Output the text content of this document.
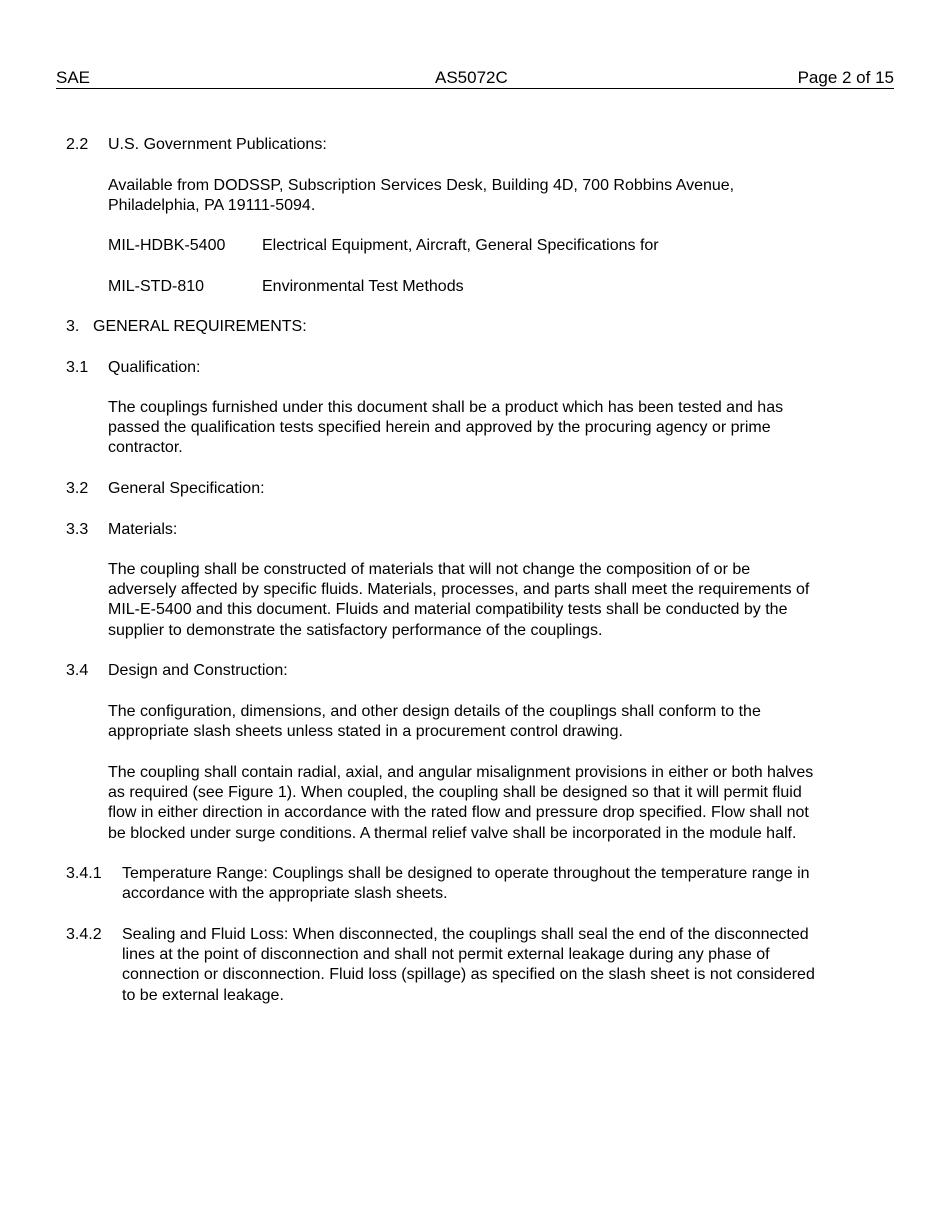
SAE	AS5072C	Page 2 of 15
2.2 U.S. Government Publications:
Available from DODSSP, Subscription Services Desk, Building 4D, 700 Robbins Avenue,
Philadelphia, PA 19111-5094.
MIL-HDBK-5400 Electrical Equipment, Aircraft, General Specifications for
MIL-STD-810	Environmental Test Methods
3. GENERAL REQUIREMENTS:
3.1 Qualification:
The couplings furnished under this document shall be a product which has been tested and has
passed the qualification tests specified herein and approved by the procuring agency or prime
contractor.
3.2 General Specification:
3.3 Materials:
The coupling shall be constructed of materials that will not change the composition of or be
adversely affected by specific fluids. Materials, processes, and parts shall meet the requirements of
MIL-E-5400 and this document. Fluids and material compatibility tests shall be conducted by the
supplier to demonstrate the satisfactory performance of the couplings.
3.4 Design and Construction:
The configuration, dimensions, and other design details of the couplings shall conform to the
appropriate slash sheets unless stated in a procurement control drawing.
The coupling shall contain radial, axial, and angular misalignment provisions in either or both halves
as required (see Figure 1). When coupled, the coupling shall be designed so that it will permit fluid
flow in either direction in accordance with the rated flow and pressure drop specified. Flow shall not
be blocked under surge conditions. A thermal relief valve shall be incorporated in the module half.
3.4.1 Temperature Range: Couplings shall be designed to operate throughout the temperature range in
accordance with the appropriate slash sheets.
3.4.2 Sealing and Fluid Loss: When disconnected, the couplings shall seal the end of the disconnected
lines at the point of disconnection and shall not permit external leakage during any phase of
connection or disconnection. Fluid loss (spillage) as specified on the slash sheet is not considered
to be external leakage.
